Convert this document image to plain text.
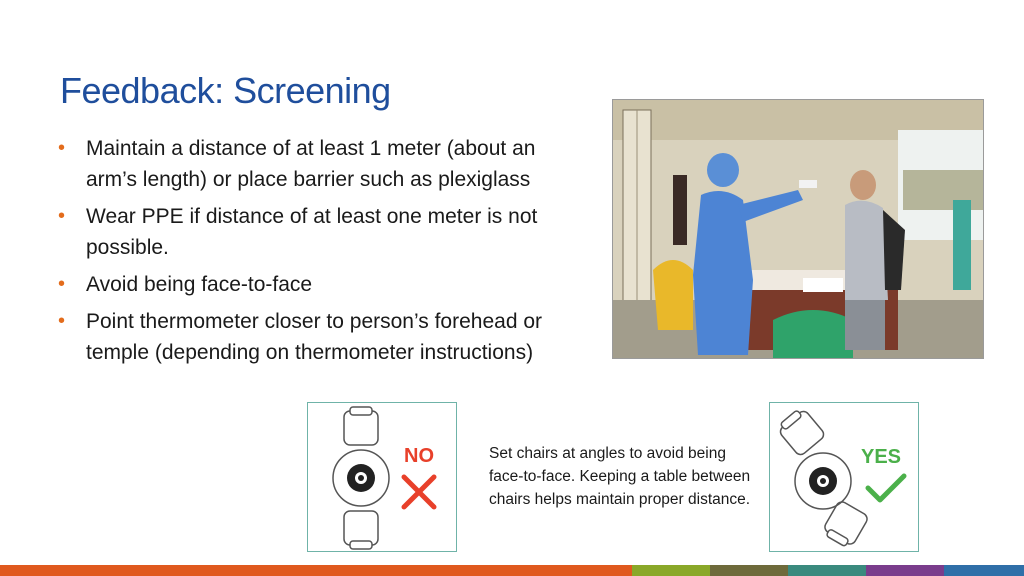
Feedback: Screening
• Maintain a distance of at least 1 meter (about an arm’s length) or place barrier such as plexiglass
• Wear PPE if distance of at least one meter is not possible.
• Avoid being face-to-face
• Point thermometer closer to person’s forehead or temple (depending on thermometer instructions)
NO	Set chairs at angles to avoid being face-to-face. Keeping a table between chairs helps maintain proper distance.
YES
